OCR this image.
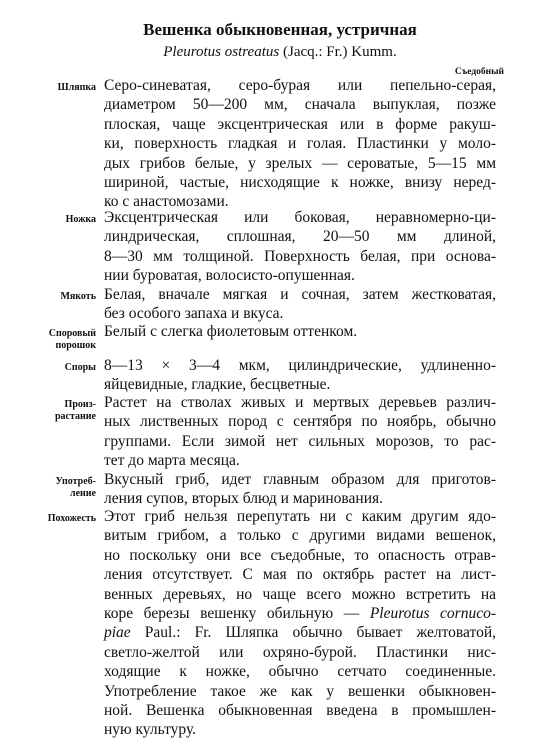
Вешенка обыкновенная, устричная
Pleurotus ostreatus (Jacq.: Fr.) Kumm.
Съедобный
Шляпка Серо-синеватая, серо-бурая или пепельно-серая,
диаметром 50—200 мм, сначала выпуклая, позже
плоская, чаще эксцентрическая или в форме ракуш-
ки, поверхность гладкая и голая. Пластинки у моло-
дых грибов белые, у зрелых — сероватые, 5—15 мм
шириной, частые, нисходящие к ножке, внизу неред-
ко с анастомозами.
Ножка Эксцентрическая или боковая, неравномерно-ци-
линдрическая, сплошная, 20—50 мм длиной,
8—30 мм толщиной. Поверхность белая, при основа-
нии буроватая, волосисто-опушенная.
Мякоть Белая, вначале мягкая и сочная, затем жестковатая,
без особого запаха и вкуса.
Споровый
порошок
Белый с слегка фиолетовым оттенком.
Споры 8—13 × 3—4 мкм, цилиндрические, удлиненно-
яйцевидные, гладкие, бесцветные.
Произ-
растание
Растет на стволах живых и мертвых деревьев различ-
ных лиственных пород с сентября по ноябрь, обычно
группами. Если зимой нет сильных морозов, то рас-
тет до марта месяца.
Употреб-
ление
Вкусный гриб, идет главным образом для приготов-
ления супов, вторых блюд и маринования.
Похожесть Этот гриб нельзя перепутать ни с каким другим ядо-
витым грибом, а только с другими видами вешенок,
но поскольку они все съедобные, то опасность отрав-
ления отсутствует. С мая по октябрь растет на лист-
венных деревьях, но чаще всего можно встретить на
коре березы вешенку обильную — Pleurotus cornuco-
piae Paul.: Fr. Шляпка обычно бывает желтоватой,
светло-желтой или охряно-бурой. Пластинки нис-
ходящие к ножке, обычно сетчато соединенные.
Употребление такое же как у вешенки обыкновен-
ной. Вешенка обыкновенная введена в промышлен-
ную культуру.
